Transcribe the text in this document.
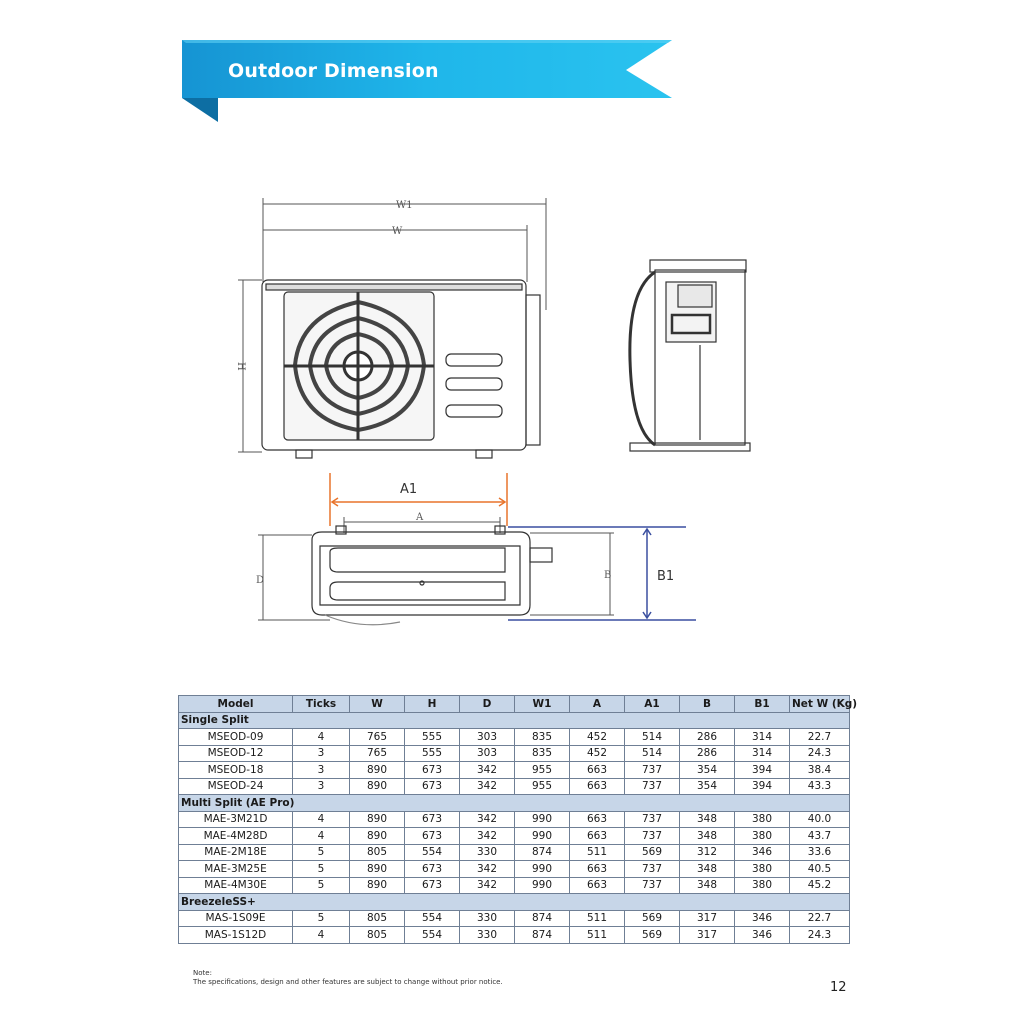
Outdoor Dimension
W1
W
H
A1
A
D	B	B1
Model	Ticks	W	H	D	W1	A	A1	B	B1	Net W (Kg)
Single Split										
MSEOD-09	4	765	555	303	835	452	514	286	314	22.7
MSEOD-12	3	765	555	303	835	452	514	286	314	24.3
MSEOD-18	3	890	673	342	955	663	737	354	394	38.4
MSEOD-24	3	890	673	342	955	663	737	354	394	43.3
Multi Split (AE Pro)										
MAE-3M21D	4	890	673	342	990	663	737	348	380	40.0
MAE-4M28D	4	890	673	342	990	663	737	348	380	43.7
MAE-2M18E	5	805	554	330	874	511	569	312	346	33.6
MAE-3M25E	5	890	673	342	990	663	737	348	380	40.5
MAE-4M30E	5	890	673	342	990	663	737	348	380	45.2
BreezeleSS+										
MAS-1S09E	5	805	554	330	874	511	569	317	346	22.7
MAS-1S12D	4	805	554	330	874	511	569	317	346	24.3
Note:
The specifications, design and other features are subject to change without prior notice.	12
